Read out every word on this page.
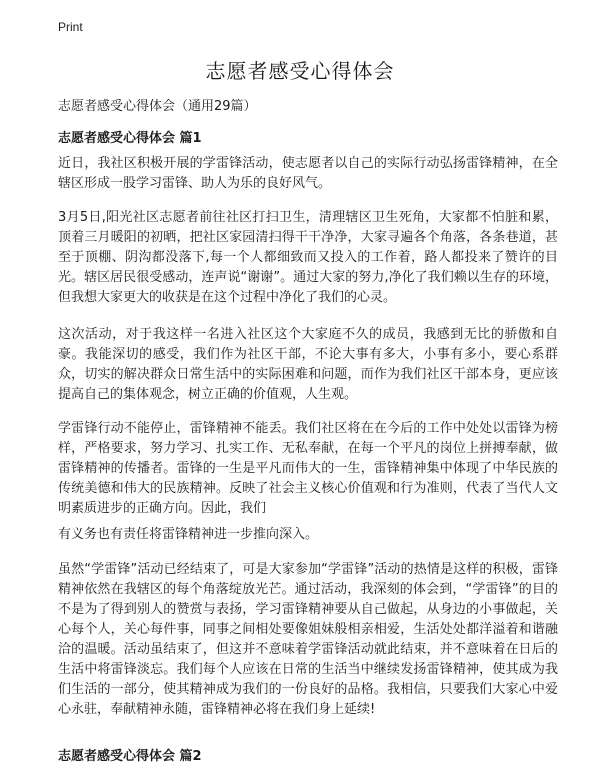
Print
志愿者感受心得体会

志愿者感受心得体会（通用29篇）

志愿者感受心得体会 篇1

近日，我社区积极开展的学雷锋活动，使志愿者以自己的实际行动弘扬雷锋精神，在全辖区形成一股学习雷锋、助人为乐的良好风气。

3月5日,阳光社区志愿者前往社区打扫卫生，清理辖区卫生死角，大家都不怕脏和累，顶着三月暖阳的初晒，把社区家园清扫得干干净净，大家寻遍各个角落，各条巷道，甚至于顶棚、阴沟都没落下,每一个人都细致而又投入的工作着，路人都投来了赞许的目光。辖区居民很受感动，连声说“谢谢”。通过大家的努力,净化了我们赖以生存的环境，但我想大家更大的收获是在这个过程中净化了我们的心灵。

这次活动，对于我这样一名进入社区这个大家庭不久的成员，我感到无比的骄傲和自豪。我能深切的感受，我们作为社区干部，不论大事有多大，小事有多小，要心系群众，切实的解决群众日常生活中的实际困难和问题，而作为我们社区干部本身，更应该提高自己的集体观念，树立正确的价值观，人生观。

学雷锋行动不能停止，雷锋精神不能丢。我们社区将在在今后的工作中处处以雷锋为榜样，严格要求，努力学习、扎实工作、无私奉献，在每一个平凡的岗位上拼搏奉献，做雷锋精神的传播者。雷锋的一生是平凡而伟大的一生，雷锋精神集中体现了中华民族的传统美德和伟大的民族精神。反映了社会主义核心价值观和行为准则，代表了当代人文明素质进步的正确方向。因此，我们

有义务也有责任将雷锋精神进一步推向深入。

虽然“学雷锋”活动已经结束了，可是大家参加“学雷锋”活动的热情是这样的积极，雷锋精神依然在我辖区的每个角落绽放光芒。通过活动，我深刻的体会到，“学雷锋”的目的不是为了得到别人的赞赏与表扬，学习雷锋精神要从自己做起，从身边的小事做起，关心每个人，关心每件事，同事之间相处要像姐妹般相亲相爱，生活处处都洋溢着和谐融洽的温暖。活动虽结束了，但这并不意味着学雷锋活动就此结束，并不意味着在日后的生活中将雷锋淡忘。我们每个人应该在日常的生活当中继续发扬雷锋精神，使其成为我们生活的一部分，使其精神成为我们的一份良好的品格。我相信，只要我们大家心中爱心永驻，奉献精神永随，雷锋精神必将在我们身上延续!

志愿者感受心得体会 篇2
